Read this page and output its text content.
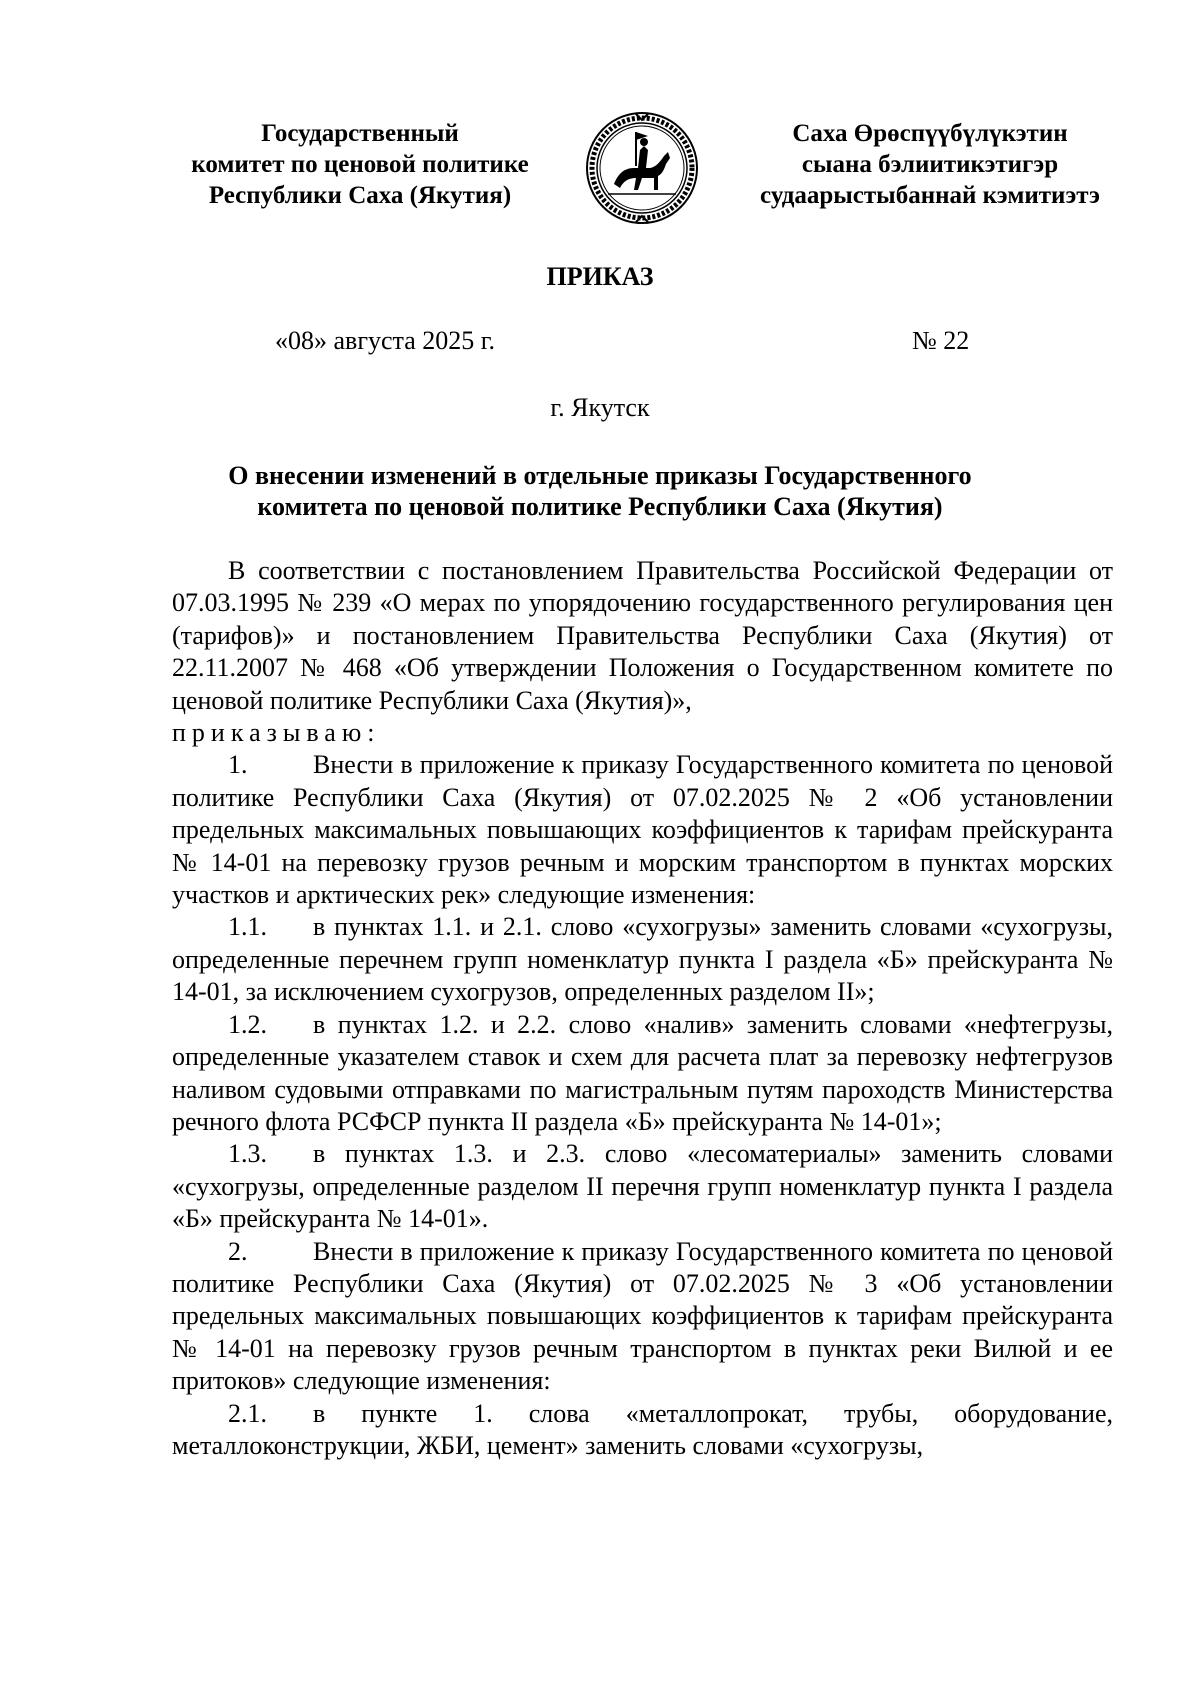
Государственный
комитет по ценовой политике
Республики Саха (Якутия)
Саха Өрөспүүбүлүкэтин
сыана бэлиитикэтигэр
судаарыстыбаннай кэмитиэтэ
ПРИКАЗ
«08» августа 2025 г.	№ 22
г. Якутск
О внесении изменений в отдельные приказы Государственного
комитета по ценовой политике Республики Саха (Якутия)

В соответствии с постановлением Правительства Российской Федерации от 07.03.1995 № 239 «О мерах по упорядочению государственного регулирования цен (тарифов)» и постановлением Правительства Республики Саха (Якутия) от 22.11.2007 № 468 «Об утверждении Положения о Государственном комитете по ценовой политике Республики Саха (Якутия)»,

приказываю:

1.	Внести в приложение к приказу Государственного комитета по ценовой политике Республики Саха (Якутия) от 07.02.2025 № 2 «Об установлении предельных максимальных повышающих коэффициентов к тарифам прейскуранта № 14-01 на перевозку грузов речным и морским транспортом в пунктах морских участков и арктических рек» следующие изменения:

1.1. в пунктах 1.1. и 2.1. слово «сухогрузы» заменить словами «сухогрузы, определенные перечнем групп номенклатур пункта I раздела «Б» прейскуранта № 14-01, за исключением сухогрузов, определенных разделом II»;

1.2. в пунктах 1.2. и 2.2. слово «налив» заменить словами «нефтегрузы, определенные указателем ставок и схем для расчета плат за перевозку нефтегрузов наливом судовыми отправками по магистральным путям пароходств Министерства речного флота РСФСР пункта II раздела «Б» прейскуранта № 14-01»;

1.3. в пунктах 1.3. и 2.3. слово «лесоматериалы» заменить словами «сухогрузы, определенные разделом II перечня групп номенклатур пункта I раздела «Б» прейскуранта № 14-01».

2.	Внести в приложение к приказу Государственного комитета по ценовой политике Республики Саха (Якутия) от 07.02.2025 № 3 «Об установлении предельных максимальных повышающих коэффициентов к тарифам прейскуранта № 14-01 на перевозку грузов речным транспортом в пунктах реки Вилюй и ее притоков» следующие изменения:

2.1. в пункте 1. слова «металлопрокат, трубы, оборудование, металлоконструкции, ЖБИ, цемент» заменить словами «сухогрузы,
